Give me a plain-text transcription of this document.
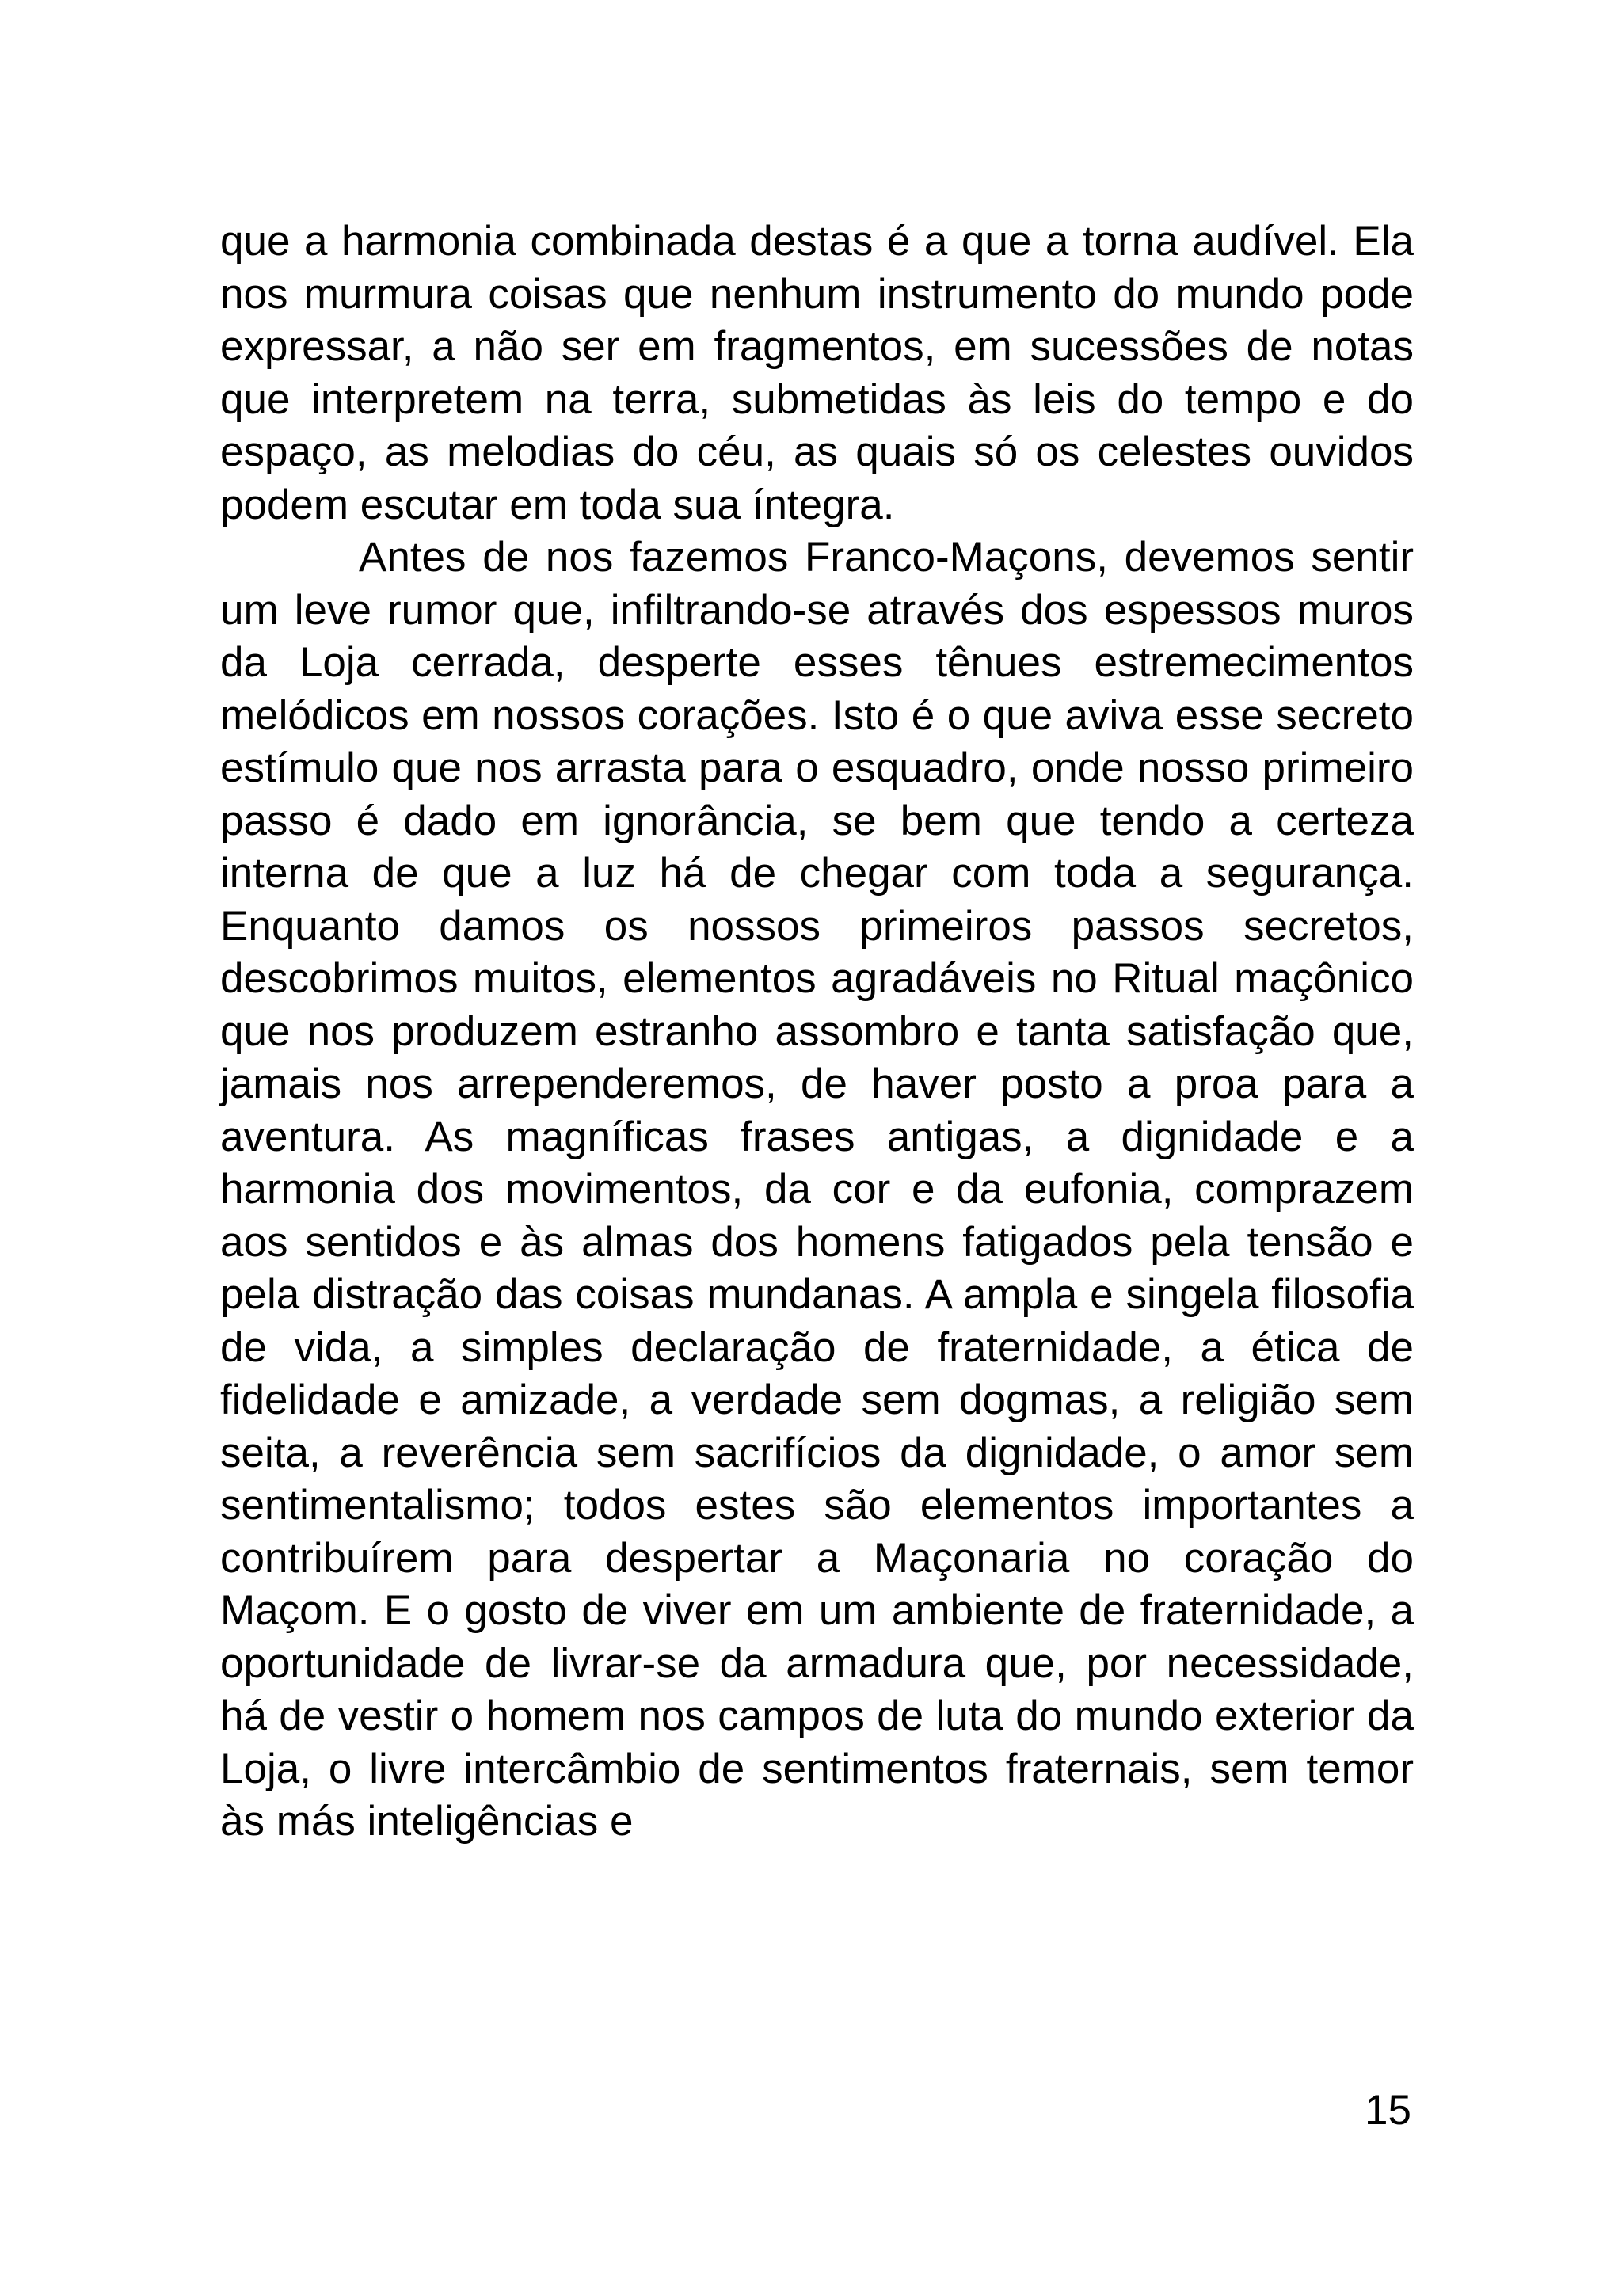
que a harmonia combinada destas é a que a torna audível. Ela nos murmura coisas que nenhum instrumento do mundo pode expressar, a não ser em fragmentos, em sucessões de notas que interpretem na terra, submetidas às leis do tempo e do espaço, as melodias do céu, as quais só os celestes ouvidos podem escutar em toda sua íntegra.

Antes de nos fazemos Franco-Maçons, devemos sentir um leve rumor que, infiltrando-se através dos espessos muros da Loja cerrada, desperte esses tênues estremecimentos melódicos em nossos corações. Isto é o que aviva esse secreto estímulo que nos arrasta para o esquadro, onde nosso primeiro passo é dado em ignorância, se bem que tendo a certeza interna de que a luz há de chegar com toda a segurança. Enquanto damos os nossos primeiros passos secretos, descobrimos muitos, elementos agradáveis no Ritual maçônico que nos produzem estranho assombro e tanta satisfação que, jamais nos arrependeremos, de haver posto a proa para a aventura. As magníficas frases antigas, a dignidade e a harmonia dos movimentos, da cor e da eufonia, comprazem aos sentidos e às almas dos homens fatigados pela tensão e pela distração das coisas mundanas. A ampla e singela filosofia de vida, a simples declaração de fraternidade, a ética de fidelidade e amizade, a verdade sem dogmas, a religião sem seita, a reverência sem sacrifícios da dignidade, o amor sem sentimentalismo; todos estes são elementos importantes a contribuírem para despertar a Maçonaria no coração do Maçom. E o gosto de viver em um ambiente de fraternidade, a oportunidade de livrar-se da armadura que, por necessidade, há de vestir o homem nos campos de luta do mundo exterior da Loja, o livre intercâmbio de sentimentos fraternais, sem temor às más inteligências e

15
